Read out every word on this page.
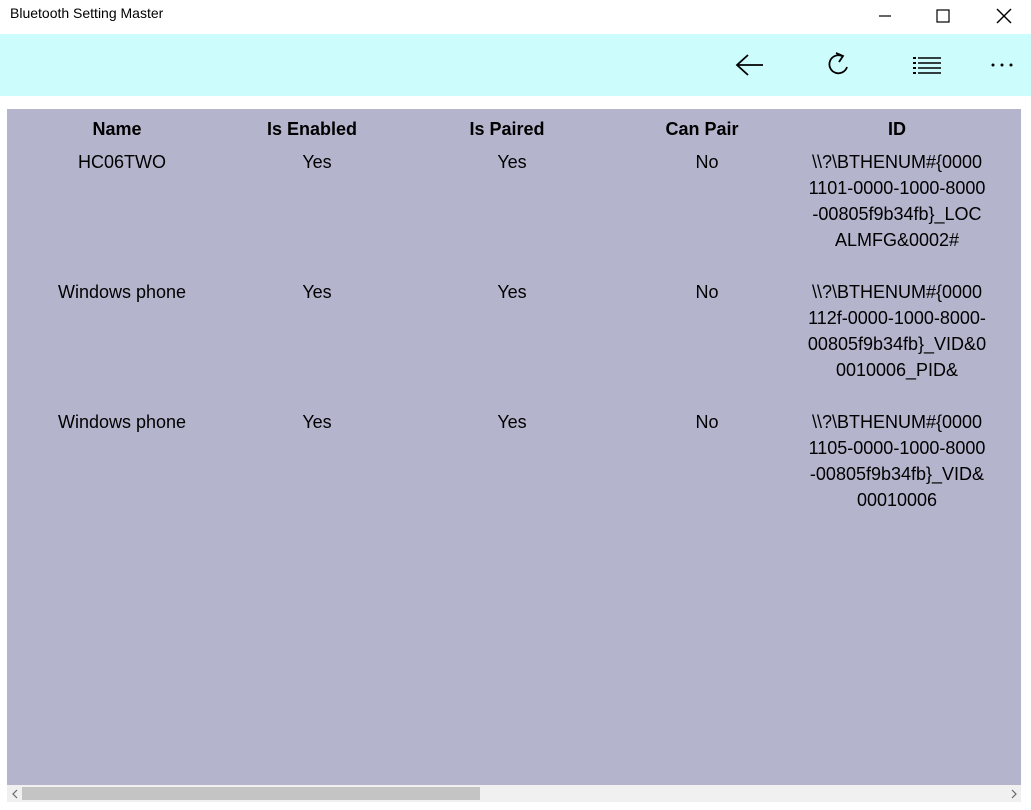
Bluetooth Setting Master
Name	Is Enabled	Is Paired	Can Pair	ID
HC06TWO	Yes	Yes	No	\\?\BTHENUM#{00001101-0000-1000-8000-00805f9b34fb}_LOCALMFG&0002#
Windows phone	Yes	Yes	No	\\?\BTHENUM#{0000112f-0000-1000-8000-00805f9b34fb}_VID&00010006_PID&
Windows phone	Yes	Yes	No	\\?\BTHENUM#{00001105-0000-1000-8000-00805f9b34fb}_VID&00010006
